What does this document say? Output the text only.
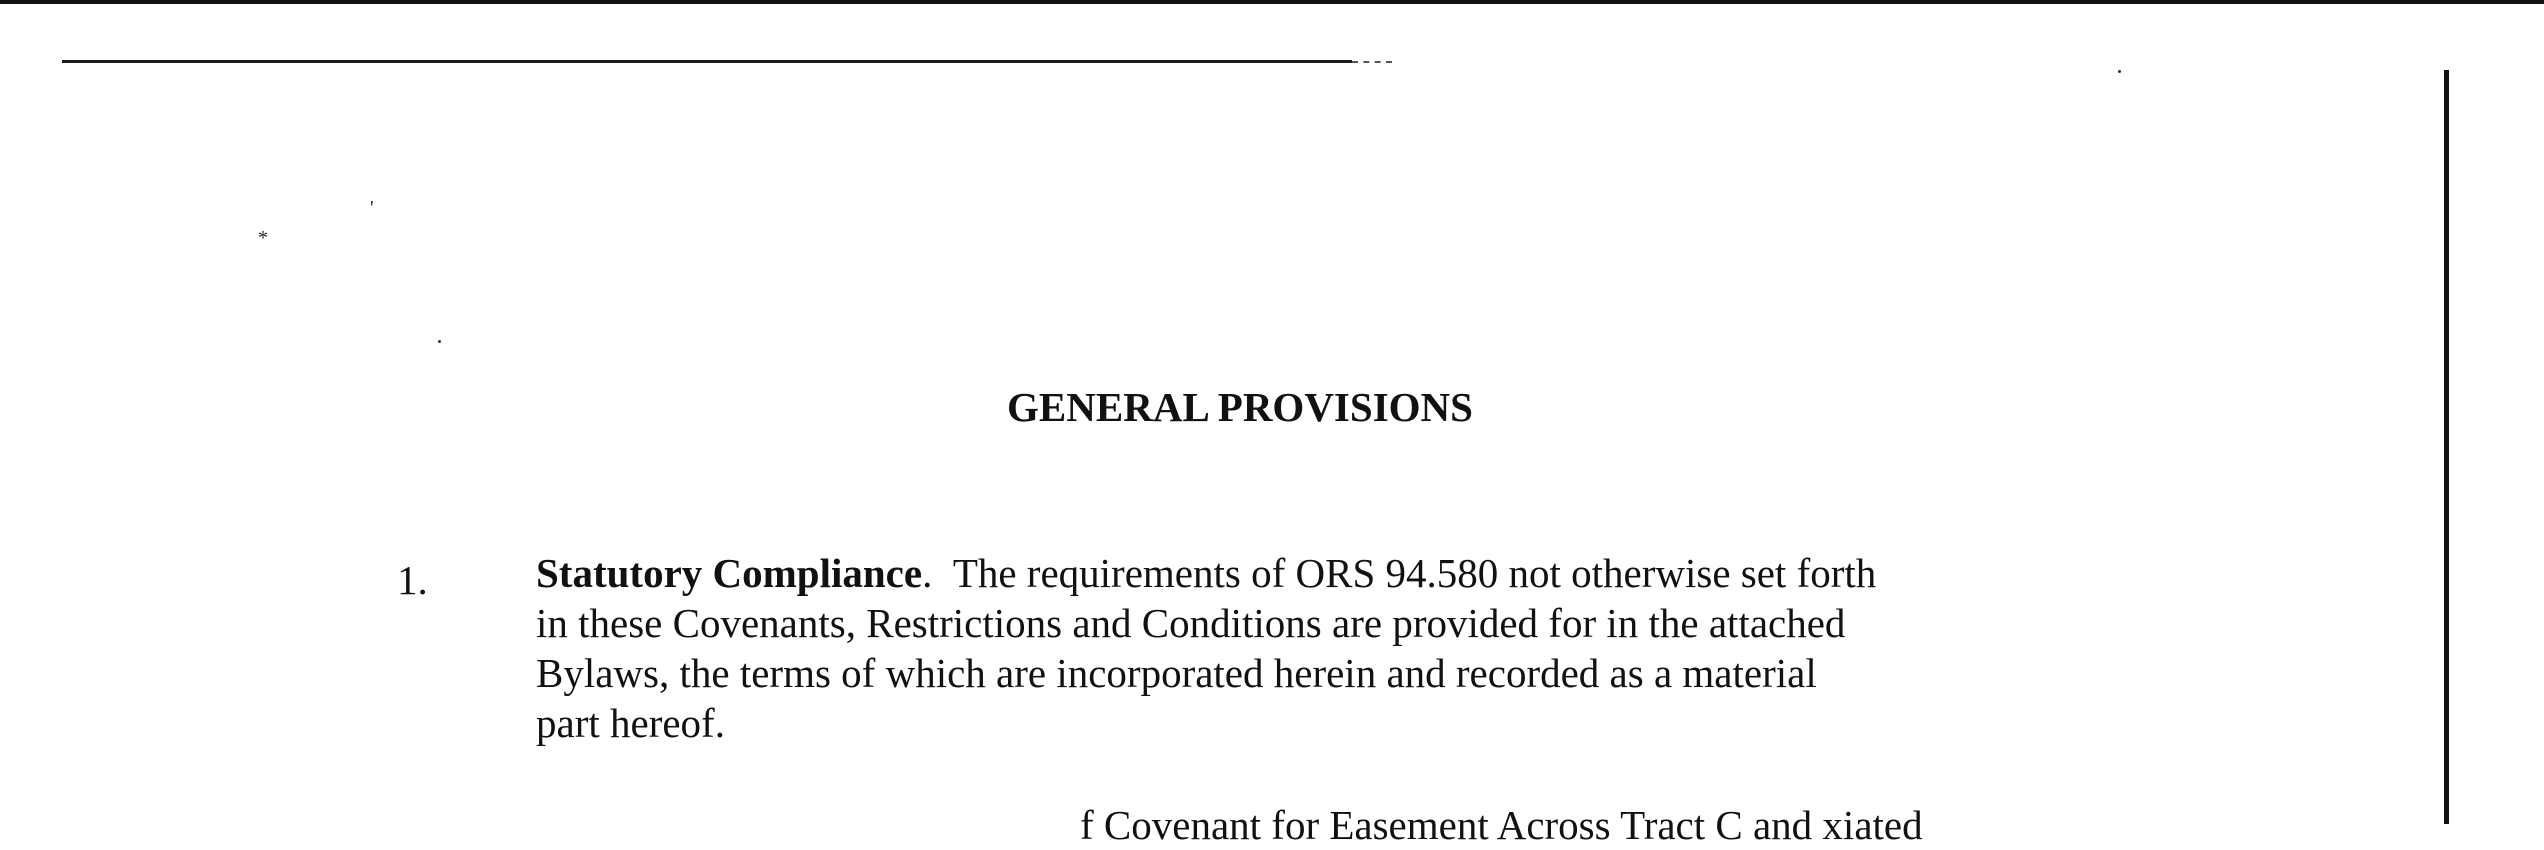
'
*
GENERAL PROVISIONS
1.	Statutory Compliance. The requirements of ORS 94.580 not otherwise set forth
in these Covenants, Restrictions and Conditions are provided for in the attached
Bylaws, the terms of which are incorporated herein and recorded as a material
part hereof.
f Covenant for Easement Across Tract C and xiated
